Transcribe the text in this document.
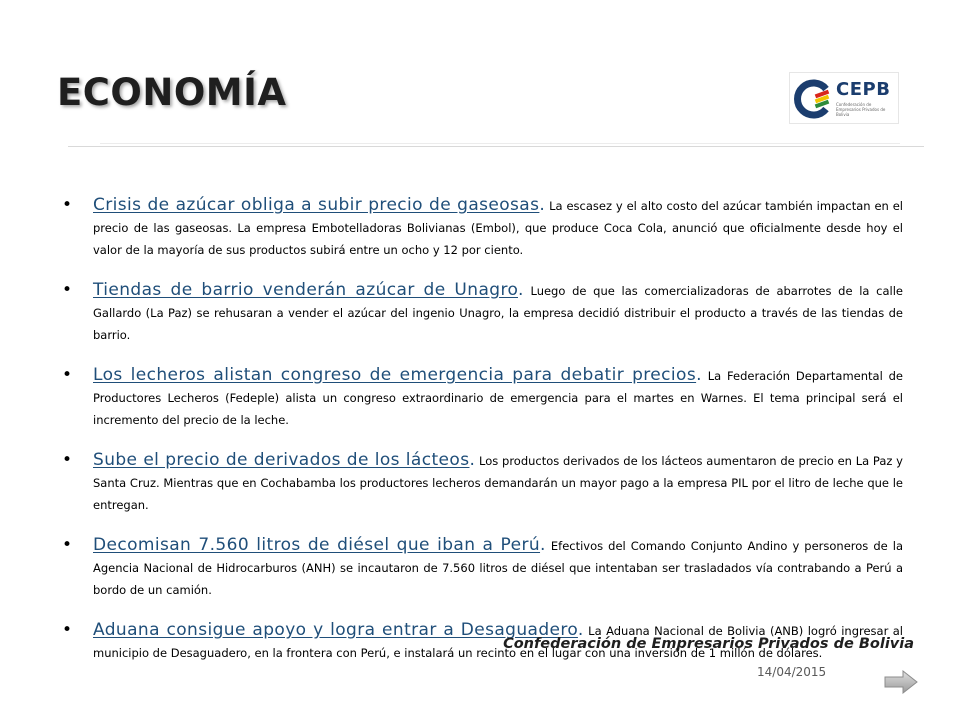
ECONOMÍA	CEPB
Confederación de Empresarios Privados de Bolivia
• Crisis de azúcar obliga a subir precio de gaseosas. La escasez y el alto costo del azúcar también impactan en el precio de las gaseosas. La empresa Embotelladoras Bolivianas (Embol), que produce Coca Cola, anunció que oficialmente desde hoy el valor de la mayoría de sus productos subirá entre un ocho y 12 por ciento.
• Tiendas de barrio venderán azúcar de Unagro. Luego de que las comercializadoras de abarrotes de la calle Gallardo (La Paz) se rehusaran a vender el azúcar del ingenio Unagro, la empresa decidió distribuir el producto a través de las tiendas de barrio.
• Los lecheros alistan congreso de emergencia para debatir precios. La Federación Departamental de Productores Lecheros (Fedeple) alista un congreso extraordinario de emergencia para el martes en Warnes. El tema principal será el incremento del precio de la leche.
• Sube el precio de derivados de los lácteos. Los productos derivados de los lácteos aumentaron de precio en La Paz y Santa Cruz. Mientras que en Cochabamba los productores lecheros demandarán un mayor pago a la empresa PIL por el litro de leche que le entregan.
• Decomisan 7.560 litros de diésel que iban a Perú. Efectivos del Comando Conjunto Andino y personeros de la Agencia Nacional de Hidrocarburos (ANH) se incautaron de 7.560 litros de diésel que intentaban ser trasladados vía contrabando a Perú a bordo de un camión.
• Aduana consigue apoyo y logra entrar a Desaguadero. La Aduana Nacional de Bolivia (ANB) logró ingresar al municipio de Desaguadero, en la frontera con Perú, e instalará un recinto en el lugar con una inversión de 1 millón de dólares.
Confederación de Empresarios Privados de Bolivia
14/04/2015
